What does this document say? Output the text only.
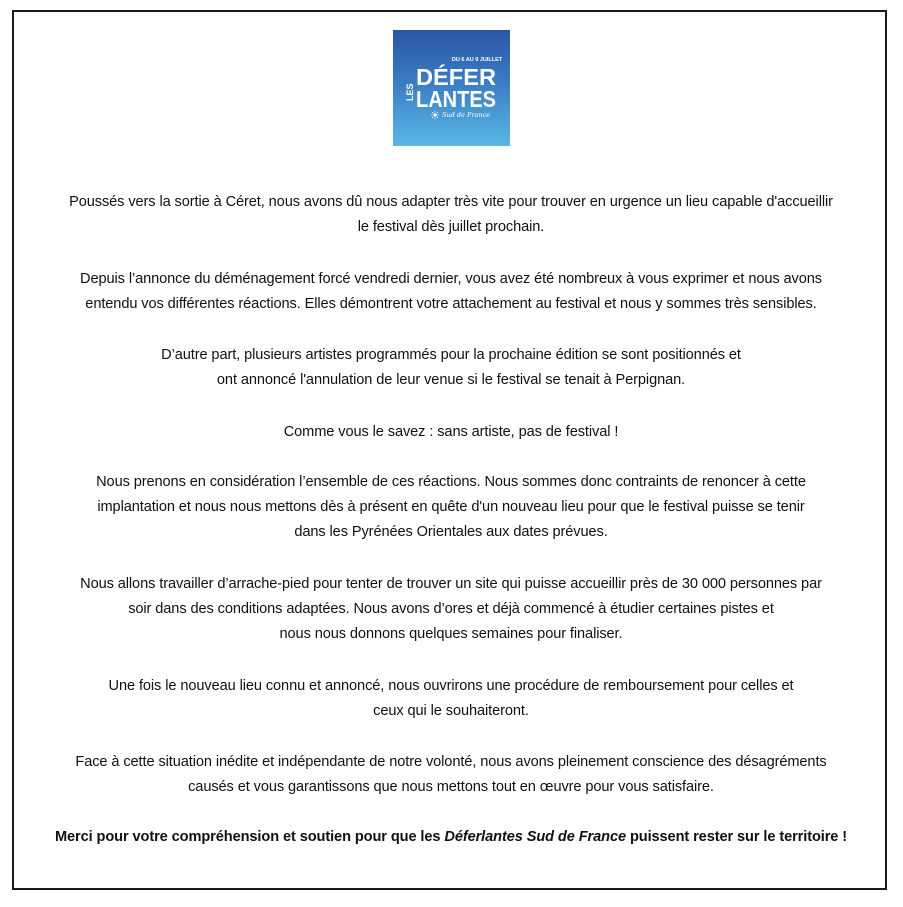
DU 6 AU 9 JUILLET
LES
DÉFER
LANTES
Sud de France
Poussés vers la sortie à Céret, nous avons dû nous adapter très vite pour trouver en urgence un lieu capable d'accueillir
le festival dès juillet prochain.
Depuis l’annonce du déménagement forcé vendredi dernier, vous avez été nombreux à vous exprimer et nous avons
entendu vos différentes réactions. Elles démontrent votre attachement au festival et nous y sommes très sensibles.
D’autre part, plusieurs artistes programmés pour la prochaine édition se sont positionnés et
ont annoncé l'annulation de leur venue si le festival se tenait à Perpignan.
Comme vous le savez : sans artiste, pas de festival !
Nous prenons en considération l’ensemble de ces réactions. Nous sommes donc contraints de renoncer à cette
implantation et nous nous mettons dès à présent en quête d'un nouveau lieu pour que le festival puisse se tenir
dans les Pyrénées Orientales aux dates prévues.
Nous allons travailler d’arrache-pied pour tenter de trouver un site qui puisse accueillir près de 30 000 personnes par
soir dans des conditions adaptées. Nous avons d’ores et déjà commencé à étudier certaines pistes et
nous nous donnons quelques semaines pour finaliser.
Une fois le nouveau lieu connu et annoncé, nous ouvrirons une procédure de remboursement pour celles et
ceux qui le souhaiteront.
Face à cette situation inédite et indépendante de notre volonté, nous avons pleinement conscience des désagréments
causés et vous garantissons que nous mettons tout en œuvre pour vous satisfaire.
Merci pour votre compréhension et soutien pour que les Déferlantes Sud de France puissent rester sur le territoire !
